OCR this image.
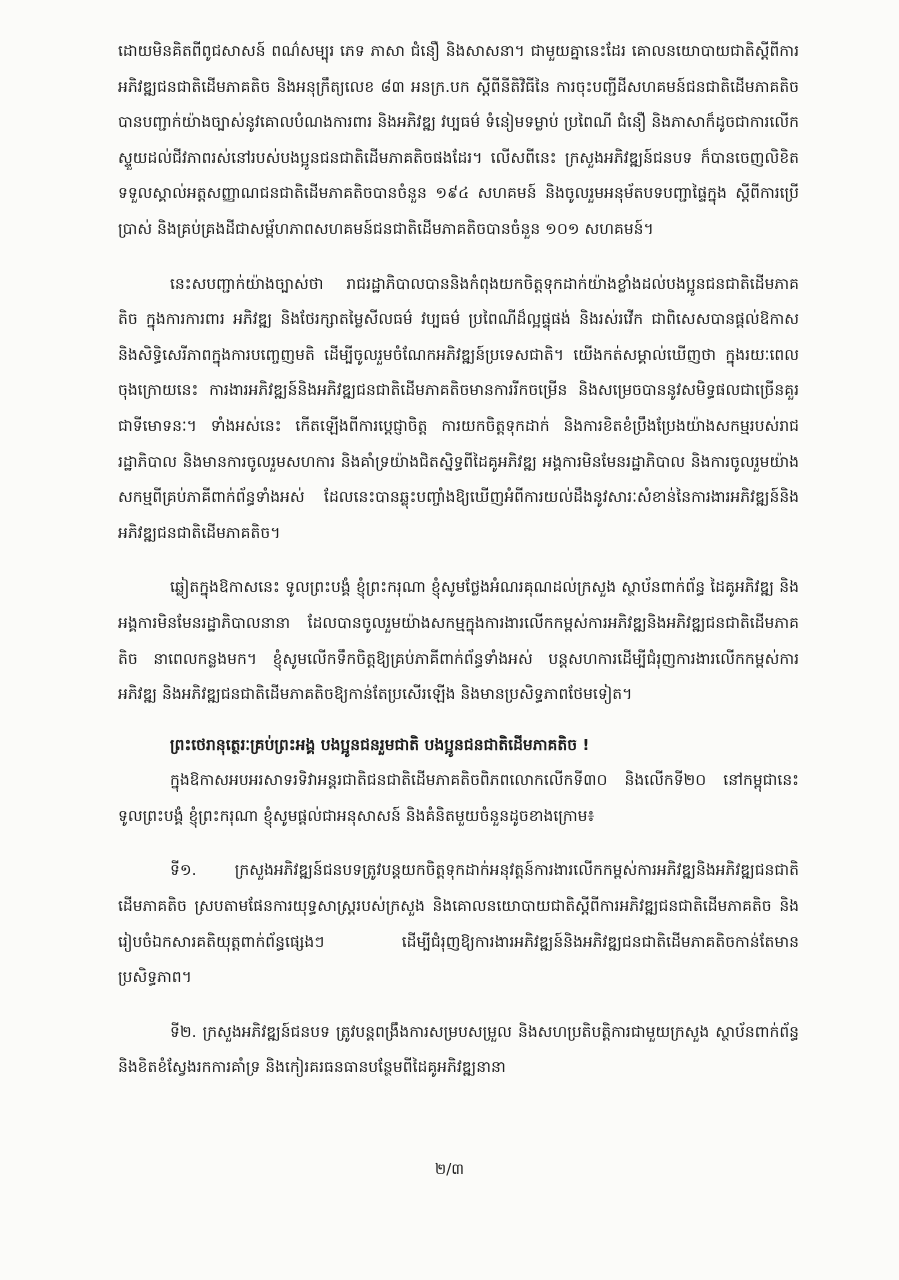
ដោយមិនគិតពីពូជសាសន៍ ពណ៌សម្បុរ ភេទ ភាសា ជំនឿ និងសាសនា។ ជាមួយគ្នានេះដែរ គោលនយោបាយជាតិស្តីពីការអភិវឌ្ឍជនជាតិដើមភាគតិច និងអនុក្រឹត្យលេខ ៨៣ អនក្រ.បក ស្តីពីនីតិវិធីនៃ ការចុះបញ្ជីដីសហគមន៍ជនជាតិដើមភាគតិច បានបញ្ជាក់យ៉ាងច្បាស់នូវគោលបំណងការពារ និងអភិវឌ្ឍ វប្បធម៌ ទំនៀមទម្លាប់ ប្រពៃណី ជំនឿ និងភាសាក៏ដូចជាការលើកស្ទួយដល់ជីវភាពរស់នៅរបស់បងប្អូនជនជាតិដើមភាគតិចផងដែរ។ លើសពីនេះ ក្រសួងអភិវឌ្ឍន៍ជនបទ ក៏បានចេញលិខិតទទួលស្គាល់អត្តសញ្ញាណជនជាតិដើមភាគតិចបានចំនួន ១៩៤ សហគមន៍ និងចូលរួមអនុម័តបទបញ្ជាផ្ទៃក្នុង ស្តីពីការប្រើប្រាស់ និងគ្រប់គ្រងដីជាសម្ព័ហភាពសហគមន៍ជនជាតិដើមភាគតិចបានចំនួន ១០១ សហគមន៍។

នេះសបញ្ជាក់យ៉ាងច្បាស់ថា រាជរដ្ឋាភិបាលបាននិងកំពុងយកចិត្តទុកដាក់យ៉ាងខ្លាំងដល់បងប្អូនជនជាតិដើមភាគតិច ក្នុងការការពារ អភិវឌ្ឍ និងថែរក្សាតម្លៃសីលធម៌ វប្បធម៌ ប្រពៃណីដ៏ល្អផ្ទុផង់ និងរស់រវើក ជាពិសេសបានផ្តល់ឱកាស និងសិទ្ធិសេរីភាពក្នុងការបញ្ចេញមតិ ដើម្បីចូលរួមចំណែកអភិវឌ្ឍន៍ប្រទេសជាតិ។ យើងកត់សម្គាល់ឃើញថា ក្នុងរយៈពេលចុងក្រោយនេះ ការងារអភិវឌ្ឍន៍និងអភិវឌ្ឍជនជាតិដើមភាគតិចមានការរីកចម្រើន និងសម្រេចបាននូវសមិទ្ធផលជាច្រើនគួរជាទីមោទនៈ។ ទាំងអស់នេះ កើតឡើងពីការប្តេជ្ញាចិត្ត ការយកចិត្តទុកដាក់ និងការខិតខំប្រឹងប្រែងយ៉ាងសកម្មរបស់រាជរដ្ឋាភិបាល និងមានការចូលរួមសហការ និងគាំទ្រយ៉ាងជិតស្និទ្ធពីដៃគូអភិវឌ្ឍ អង្គការមិនមែនរដ្ឋាភិបាល និងការចូលរួមយ៉ាងសកម្មពីគ្រប់ភាគីពាក់ព័ន្ធទាំងអស់ ដែលនេះបានឆ្លុះបញ្ចាំងឱ្យឃើញអំពីការយល់ដឹងនូវសារៈសំខាន់នៃការងារអភិវឌ្ឍន៍និងអភិវឌ្ឍជនជាតិដើមភាគតិច។

ឆ្លៀតក្នុងឱកាសនេះ ទូលព្រះបង្គំ ខ្ញុំព្រះករុណា ខ្ញុំសូមថ្លែងអំណរគុណដល់ក្រសួង ស្ថាប័នពាក់ព័ន្ធ ដៃគូអភិវឌ្ឍ និងអង្គការមិនមែនរដ្ឋាភិបាលនានា ដែលបានចូលរួមយ៉ាងសកម្មក្នុងការងារលើកកម្ពស់ការអភិវឌ្ឍនិងអភិវឌ្ឍជនជាតិដើមភាគតិច នាពេលកន្លងមក។ ខ្ញុំសូមលើកទឹកចិត្តឱ្យគ្រប់ភាគីពាក់ព័ន្ធទាំងអស់ បន្តសហការដើម្បីជំរុញការងារលើកកម្ពស់ការអភិវឌ្ឍ និងអភិវឌ្ឍជនជាតិដើមភាគតិចឱ្យកាន់តែប្រសើរឡើង និងមានប្រសិទ្ធភាពថែមទៀត។

ព្រះថេរានុត្ថេរៈគ្រប់ព្រះអង្គ បងប្អូនជនរួមជាតិ បងប្អូនជនជាតិដើមភាគតិច !

ក្នុងឱកាសអបអរសាទរទិវាអន្តរជាតិជនជាតិដើមភាគតិចពិភពលោកលើកទី៣០ និងលើកទី២០ នៅកម្ពុជានេះ ទូលព្រះបង្គំ ខ្ញុំព្រះករុណា ខ្ញុំសូមផ្តល់ជាអនុសាសន៍ និងគំនិតមួយចំនួនដូចខាងក្រោម៖

ទី១. ក្រសួងអភិវឌ្ឍន៍ជនបទត្រូវបន្តយកចិត្តទុកដាក់អនុវត្តន៍ការងារលើកកម្ពស់ការអភិវឌ្ឍនិងអភិវឌ្ឍជនជាតិដើមភាគតិច ស្របតាមផែនការយុទ្ធសាស្រ្តរបស់ក្រសួង និងគោលនយោបាយជាតិស្តីពីការអភិវឌ្ឍជនជាតិដើមភាគតិច និងរៀបចំឯកសារគតិយុត្តពាក់ព័ន្ធផ្សេងៗ ដើម្បីជំរុញឱ្យការងារអភិវឌ្ឍន៍និងអភិវឌ្ឍជនជាតិដើមភាគតិចកាន់តែមានប្រសិទ្ធភាព។

ទី២. ក្រសួងអភិវឌ្ឍន៍ជនបទ ត្រូវបន្តពង្រឹងការសម្របសម្រួល និងសហប្រតិបត្តិការជាមួយក្រសួង ស្ថាប័នពាក់ព័ន្ធ និងខិតខំស្វែងរកការគាំទ្រ និងកៀរគរធនធានបន្ថែមពីដៃគូអភិវឌ្ឍនានា

២/៣
